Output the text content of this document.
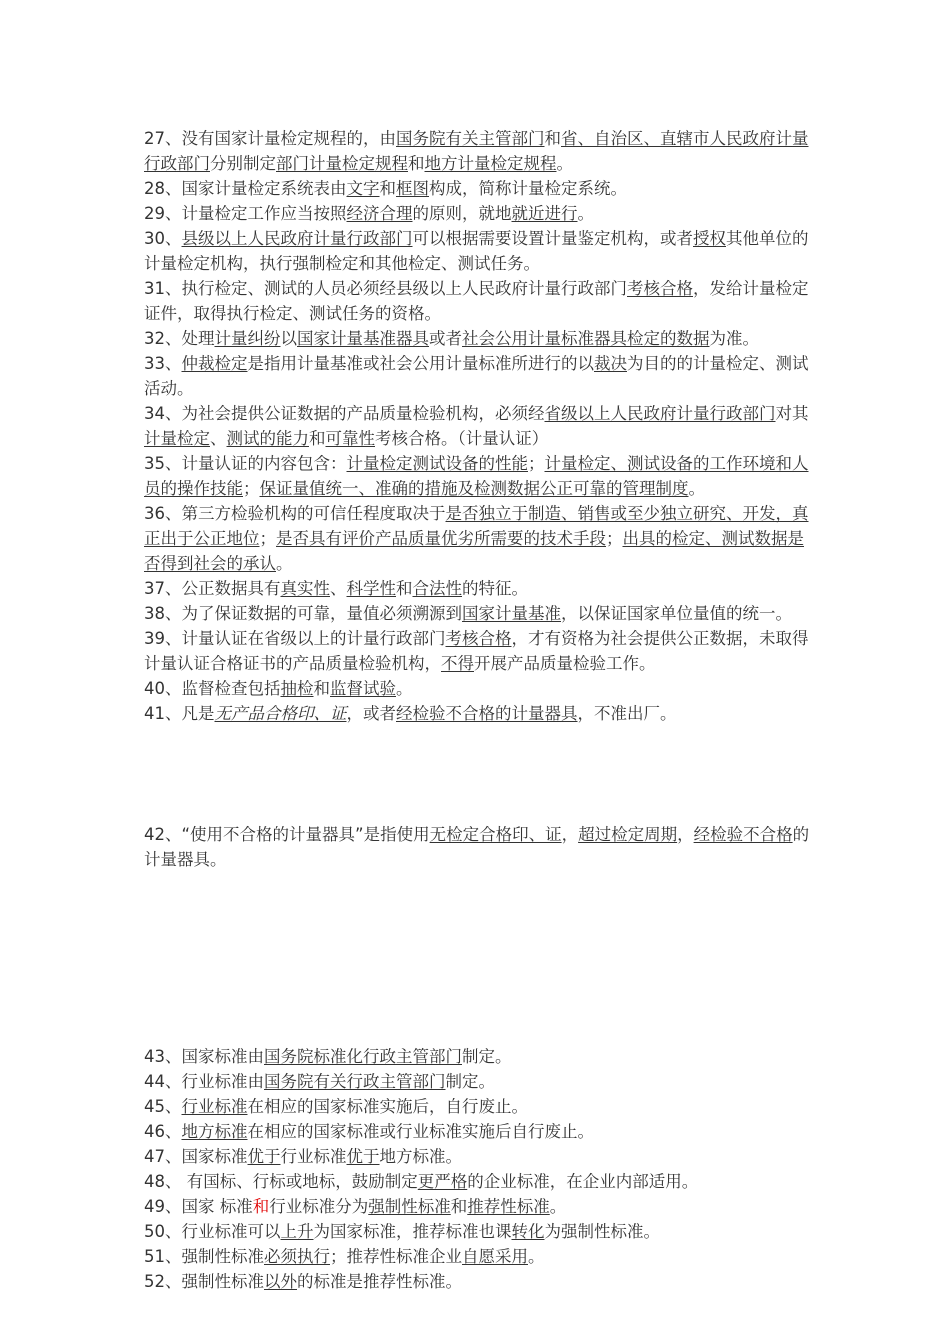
27、没有国家计量检定规程的，由国务院有关主管部门和省、自治区、直辖市人民政府计量行政部门分别制定部门计量检定规程和地方计量检定规程。
28、国家计量检定系统表由文字和框图构成，简称计量检定系统。
29、计量检定工作应当按照经济合理的原则，就地就近进行。
30、县级以上人民政府计量行政部门可以根据需要设置计量鉴定机构，或者授权其他单位的计量检定机构，执行强制检定和其他检定、测试任务。
31、执行检定、测试的人员必须经县级以上人民政府计量行政部门考核合格，发给计量检定证件，取得执行检定、测试任务的资格。
32、处理计量纠纷以国家计量基准器具或者社会公用计量标准器具检定的数据为准。
33、仲裁检定是指用计量基准或社会公用计量标准所进行的以裁决为目的的计量检定、测试活动。
34、为社会提供公证数据的产品质量检验机构，必须经省级以上人民政府计量行政部门对其计量检定、测试的能力和可靠性考核合格。（计量认证）
35、计量认证的内容包含：计量检定测试设备的性能；计量检定、测试设备的工作环境和人员的操作技能；保证量值统一、准确的措施及检测数据公正可靠的管理制度。
36、第三方检验机构的可信任程度取决于是否独立于制造、销售或至少独立研究、开发，真正出于公正地位；是否具有评价产品质量优劣所需要的技术手段；出具的检定、测试数据是否得到社会的承认。
37、公正数据具有真实性、科学性和合法性的特征。
38、为了保证数据的可靠，量值必须溯源到国家计量基准，以保证国家单位量值的统一。
39、计量认证在省级以上的计量行政部门考核合格，才有资格为社会提供公正数据，未取得计量认证合格证书的产品质量检验机构，不得开展产品质量检验工作。
40、监督检查包括抽检和监督试验。
41、凡是无产品合格印、证，或者经检验不合格的计量器具，不准出厂。
42、“使用不合格的计量器具”是指使用无检定合格印、证，超过检定周期，经检验不合格的计量器具。
43、国家标准由国务院标准化行政主管部门制定。
44、行业标准由国务院有关行政主管部门制定。
45、行业标准在相应的国家标准实施后，自行废止。
46、地方标准在相应的国家标准或行业标准实施后自行废止。
47、国家标准优于行业标准优于地方标准。
48、 有国标、行标或地标，鼓励制定更严格的企业标准，在企业内部适用。
49、国家 标准和行业标准分为强制性标准和推荐性标准。
50、行业标准可以上升为国家标准，推荐标准也课转化为强制性标准。
51、强制性标准必须执行；推荐性标准企业自愿采用。
52、强制性标准以外的标准是推荐性标准。
